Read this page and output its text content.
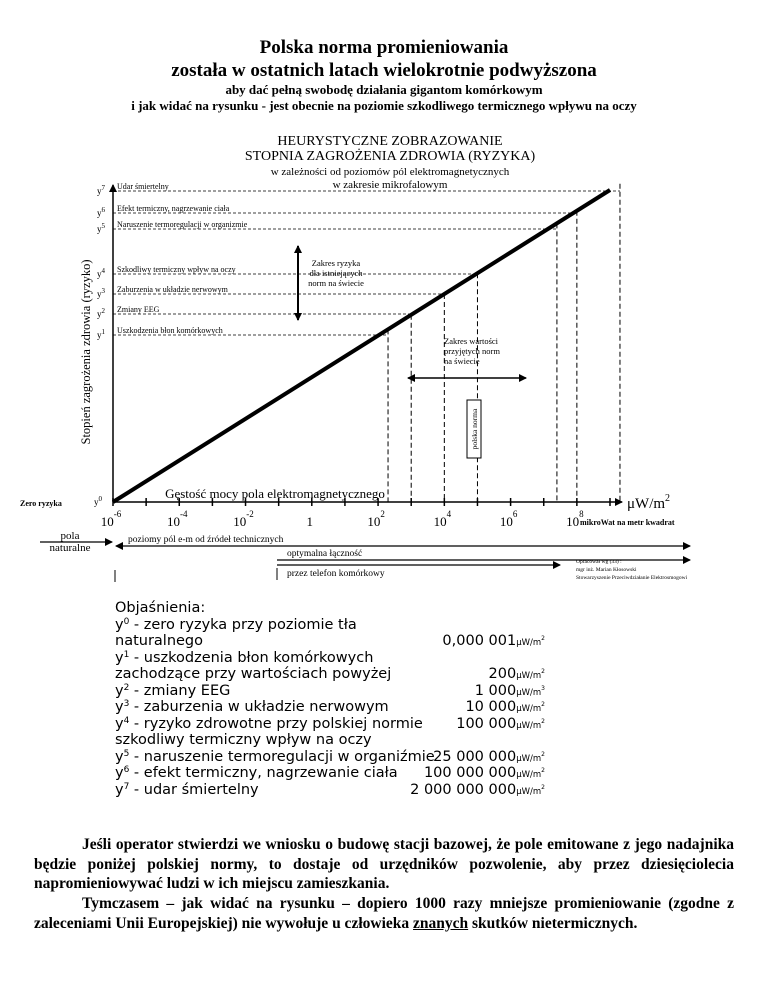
Polska norma promieniowania
została w ostatnich latach wielokrotnie podwyższona
aby dać pełną swobodę działania gigantom komórkowym
i jak widać na rysunku - jest obecnie na poziomie szkodliwego termicznego wpływu na oczy
HEURYSTYCZNE ZOBRAZOWANIE
STOPNIA ZAGROŻENIA ZDROWIA (RYZYKA)
w zależności od poziomów pól elektromagnetycznych
w zakresie mikrofalowym
Stopień zagrożenia zdrowia (ryzyko)
Gęstość mocy pola elektromagnetycznego
Zero ryzyka	$y^0$
Uszkodzenia błon komórkowych
$y^1$
Zmiany EEG
$y^2$
Zaburzenia w układzie nerwowym
$y^3$
Szkodliwy termiczny wpływ na oczy
$y^4$
Naruszenie termoregulacji w organizmie
$y^5$
Efekt termiczny, nagrzewanie ciała
$y^6$
Udar śmiertelny
$y^7$
$10^{-6}$	$10^{-4}$	$10^{-2}$	1	$10^2$	$10^4$	$10^6$	$10^8$
$\mu W/m^2$
mikroWat na metr kwadrat
Zakres ryzyka
dla istniejących
norm na świecie
Zakres wartości
przyjętych norm
na świecie
polska norma
pola
naturalne
poziomy pól e-m od źródeł technicznych
optymalna łączność
przez telefon komórkowy
Opracował wg (33) :
mgr inż. Marian Kłosowski
Stowarzyszenie Przeciwdziałanie Elektrosmogowi
Objaśnienia:
$y^0$ - zero ryzyka przy poziomie tła
naturalnego	0,000 $001\mu W/m^2$
$y^1$ - uszkodzenia błon komórkowych
zachodzące przy wartościach powyżej	$200\mu W/m^2$
$y^2$ - zmiany EEG	1 $000\mu W/m^3$
$y^3$ - zaburzenia w układzie nerwowym	10 $000\mu W/m^2$
$y^4$ - ryzyko zdrowotne przy polskiej normie 100 $000\mu W/m^2$
szkodliwy termiczny wpływ na oczy
$y^5$ - naruszenie termoregulacji w organiźmie
25 000 $000\mu W/m^2$
$y^6$ - efekt termiczny, nagrzewanie ciała 100 000 $000\mu W/m^2$
$y^7$ - udar śmiertelny	2 000 000 $000\mu W/m^2$
Jeśli operator stwierdzi we wniosku o budowę stacji bazowej, że pole emitowane z jego nadajnika będzie poniżej polskiej normy, to dostaje od urzędników pozwolenie, aby przez dziesięciolecia napromieniowywać ludzi w ich miejscu zamieszkania.
Tymczasem – jak widać na rysunku – dopiero 1000 razy mniejsze promieniowanie (zgodne z zaleceniami Unii Europejskiej) nie wywołuje u człowieka znanych skutków nietermicznych.
